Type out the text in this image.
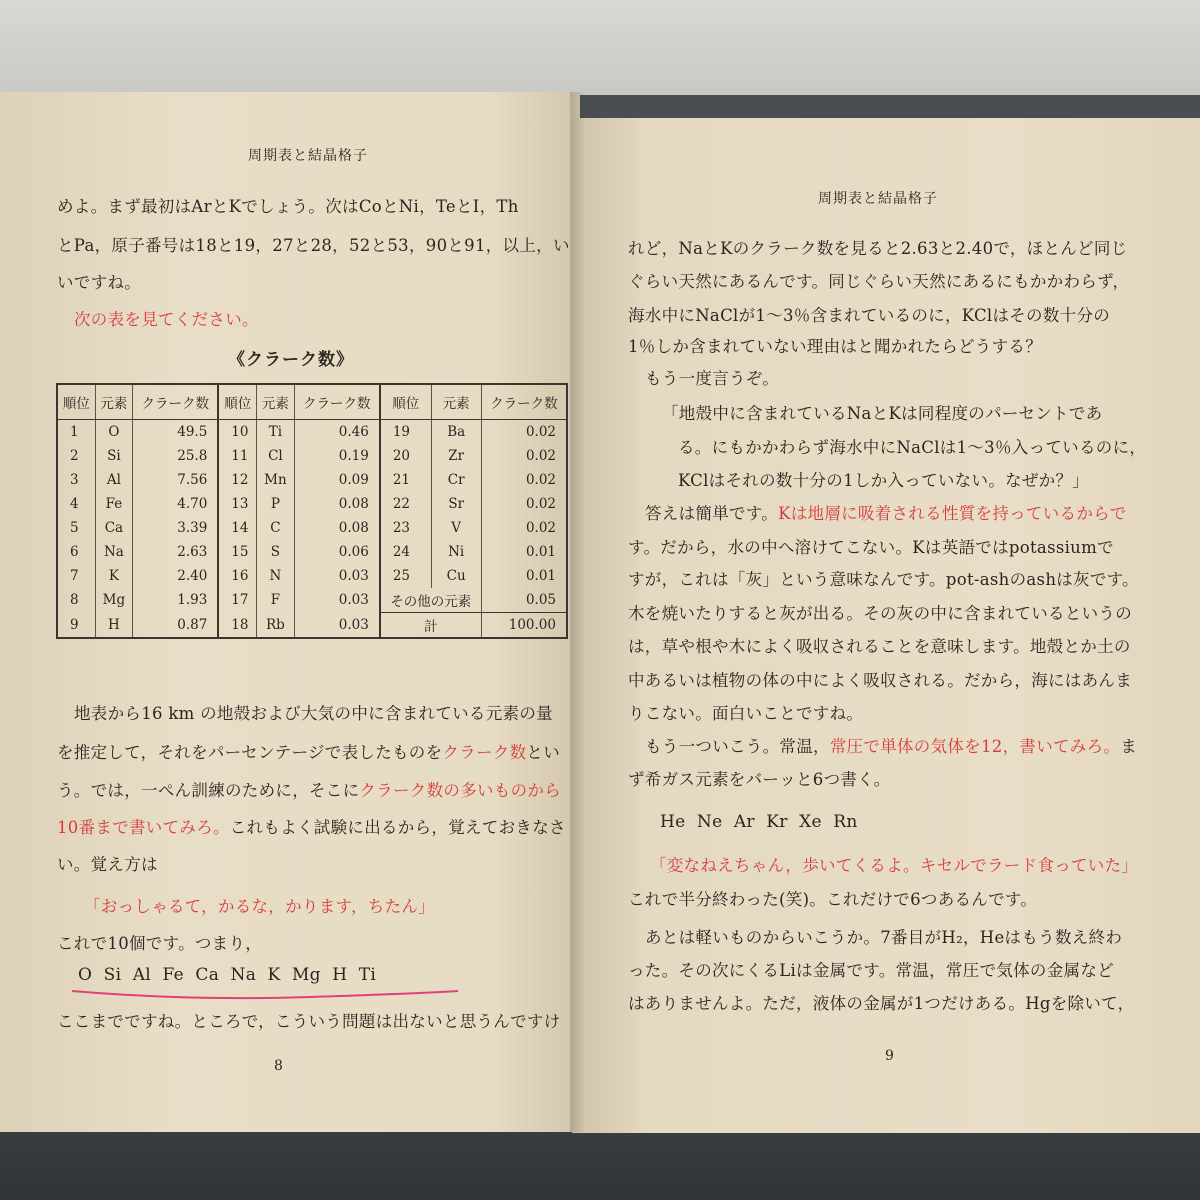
周期表と結晶格子
めよ。まず最初はArとKでしょう。次はCoとNi，TeとI，Th
とPa，原子番号は18と19，27と28，52と53，90と91，以上，い
いですね。
次の表を見てください。
《クラーク数》
順位	元素	クラーク数	順位	元素	クラーク数	順位	元素	クラーク数
1	O	49.5	10	Ti	0.46	19	Ba	0.02
2	Si	25.8	11	Cl	0.19	20	Zr	0.02
3	Al	7.56	12	Mn	0.09	21	Cr	0.02
4	Fe	4.70	13	P	0.08	22	Sr	0.02
5	Ca	3.39	14	C	0.08	23	V	0.02
6	Na	2.63	15	S	0.06	24	Ni	0.01
7	K	2.40	16	N	0.03	25	Cu	0.01
8	Mg	1.93	17	F	0.03	その他の元素		0.05
9	H	0.87	18	Rb	0.03	計		100.00
地表から16 km の地殻および大気の中に含まれている元素の量
を推定して，それをパーセンテージで表したものをクラーク数とい
う。では，一ぺん訓練のために，そこにクラーク数の多いものから
10番まで書いてみろ。これもよく試験に出るから，覚えておきなさ
い。覚え方は
「おっしゃるて，かるな，かります，ちたん」
これで10個です。つまり，
O  Si  Al  Fe  Ca  Na  K  Mg  H  Ti
ここまでですね。ところで，こういう問題は出ないと思うんですけ
8
周期表と結晶格子
れど，NaとKのクラーク数を見ると2.63と2.40で，ほとんど同じ
ぐらい天然にあるんです。同じぐらい天然にあるにもかかわらず，
海水中にNaClが1～3％含まれているのに，KClはその数十分の
1％しか含まれていない理由はと聞かれたらどうする？
もう一度言うぞ。
「地殻中に含まれているNaとKは同程度のパーセントであ
る。にもかかわらず海水中にNaClは1～3％入っているのに，
KClはそれの数十分の1しか入っていない。なぜか？」
答えは簡単です。Kは地層に吸着される性質を持っているからで
す。だから，水の中へ溶けてこない。Kは英語ではpotassiumで
すが，これは「灰」という意味なんです。pot-ashのashは灰です。
木を焼いたりすると灰が出る。その灰の中に含まれているというの
は，草や根や木によく吸収されることを意味します。地殻とか土の
中あるいは植物の体の中によく吸収される。だから，海にはあんま
りこない。面白いことですね。
もう一ついこう。常温，常圧で単体の気体を12，書いてみろ。ま
ず希ガス元素をバーッと6つ書く。
He  Ne  Ar  Kr  Xe  Rn
「変なねえちゃん，歩いてくるよ。キセルでラード食っていた」
これで半分終わった(笑)。これだけで6つあるんです。
あとは軽いものからいこうか。7番目がH₂，Heはもう数え終わ
った。その次にくるLiは金属です。常温，常圧で気体の金属など
はありませんよ。ただ，液体の金属が1つだけある。Hgを除いて，
9
